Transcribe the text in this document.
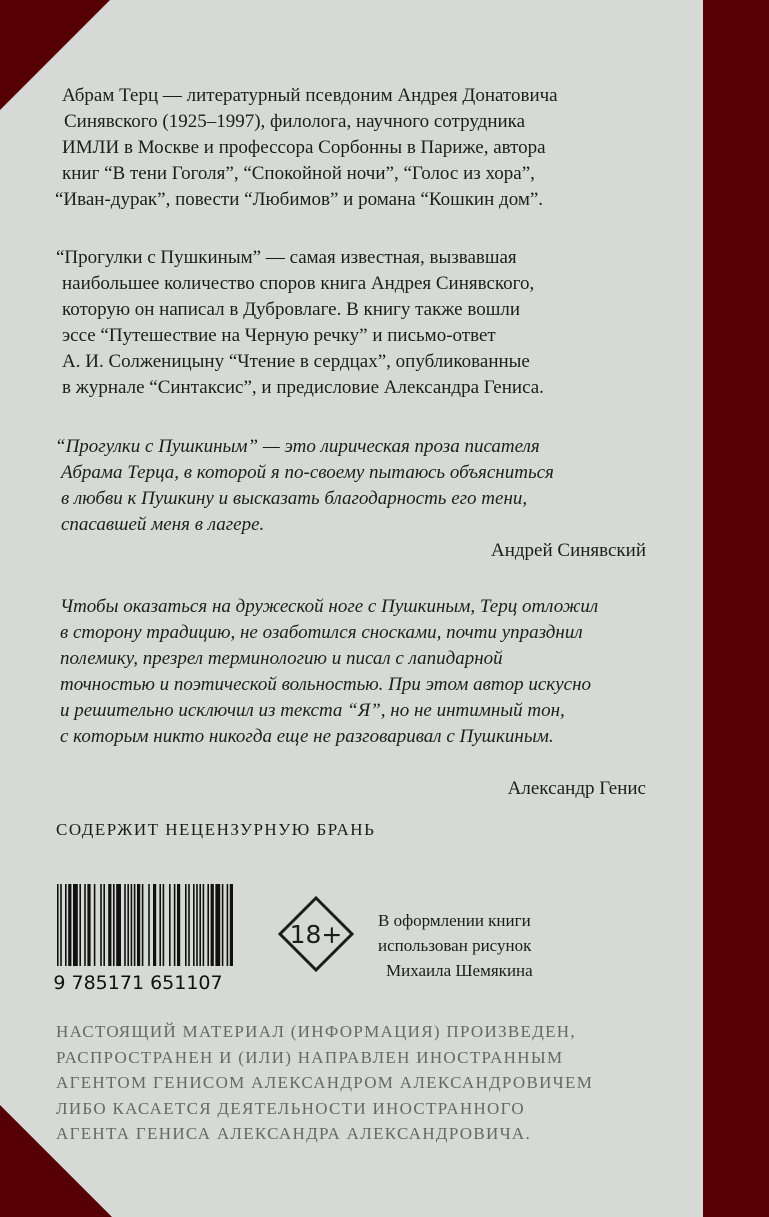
Абрам Терц — литературный псевдоним Андрея Донатовича
Синявского (1925–1997), филолога, научного сотрудника
ИМЛИ в Москве и профессора Сорбонны в Париже, автора
книг “В тени Гоголя”, “Спокойной ночи”, “Голос из хора”,
“Иван-дурак”, повести “Любимов” и романа “Кошкин дом”.
“Прогулки с Пушкиным” — самая известная, вызвавшая
наибольшее количество споров книга Андрея Синявского,
которую он написал в Дубровлаге. В книгу также вошли
эссе “Путешествие на Черную речку” и письмо-ответ
А. И. Солженицыну “Чтение в сердцах”, опубликованные
в журнале “Синтаксис”, и предисловие Александра Гениса.
“Прогулки с Пушкиным” — это лирическая проза писателя
Абрама Терца, в которой я по-своему пытаюсь объясниться
в любви к Пушкину и высказать благодарность его тени,
спасавшей меня в лагере.
Андрей Синявский
Чтобы оказаться на дружеской ноге с Пушкиным, Терц отложил
в сторону традицию, не озаботился сносками, почти упразднил
полемику, презрел терминологию и писал с лапидарной
точностью и поэтической вольностью. При этом автор искусно
и решительно исключил из текста “Я”, но не интимный тон,
с которым никто никогда еще не разговаривал с Пушкиным.
Александр Генис
СОДЕРЖИТ НЕЦЕНЗУРНУЮ БРАНЬ
9 785171 651107
18+ В оформлении книги
использован рисунок
Михаила Шемякина
НАСТОЯЩИЙ МАТЕРИАЛ (ИНФОРМАЦИЯ) ПРОИЗВЕДЕН,
РАСПРОСТРАНЕН И (ИЛИ) НАПРАВЛЕН ИНОСТРАННЫМ
АГЕНТОМ ГЕНИСОМ АЛЕКСАНДРОМ АЛЕКСАНДРОВИЧЕМ
ЛИБО КАСАЕТСЯ ДЕЯТЕЛЬНОСТИ ИНОСТРАННОГО
АГЕНТА ГЕНИСА АЛЕКСАНДРА АЛЕКСАНДРОВИЧА.
